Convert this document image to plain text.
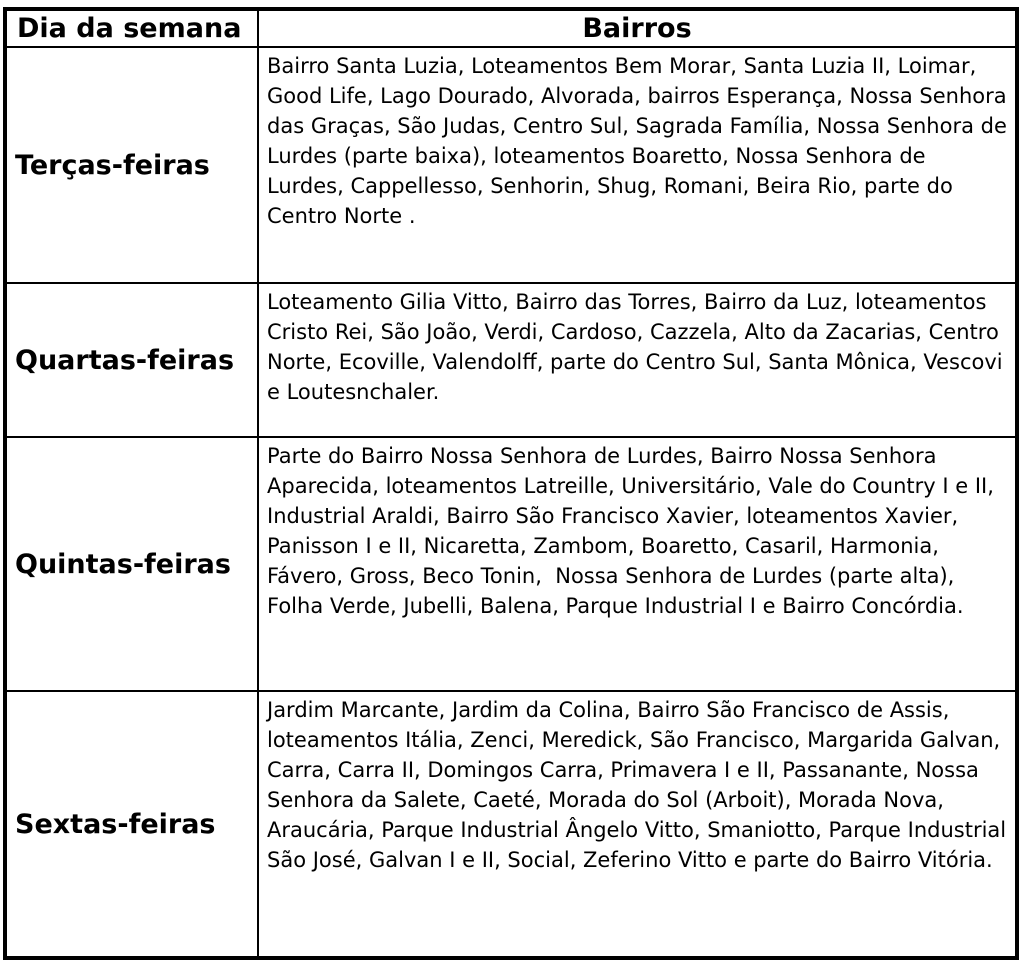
Dia da semana	Bairros
Terças-feiras	Bairro Santa Luzia, Loteamentos Bem Morar, Santa Luzia II, Loimar,  Good Life, Lago Dourado, Alvorada, bairros Esperança, Nossa Senhora das Graças, São Judas, Centro Sul, Sagrada Família, Nossa Senhora de Lurdes (parte baixa), loteamentos Boaretto, Nossa Senhora de Lurdes, Cappellesso, Senhorin, Shug, Romani, Beira Rio, parte do Centro Norte .
Quartas-feiras	Loteamento Gilia Vitto, Bairro das Torres, Bairro da Luz, loteamentos Cristo Rei, São João, Verdi, Cardoso, Cazzela, Alto da Zacarias, Centro Norte, Ecoville, Valendolff, parte do Centro Sul, Santa Mônica, Vescovi e Loutesnchaler.
Quintas-feiras	Parte do Bairro Nossa Senhora de Lurdes, Bairro Nossa Senhora Aparecida, loteamentos Latreille, Universitário, Vale do Country I e II, Industrial Araldi, Bairro São Francisco Xavier, loteamentos Xavier, Panisson I e II, Nicaretta, Zambom, Boaretto, Casaril, Harmonia, Fávero, Gross, Beco Tonin,  Nossa Senhora de Lurdes (parte alta), Folha Verde, Jubelli, Balena, Parque Industrial I e Bairro Concórdia.
Sextas-feiras	Jardim Marcante, Jardim da Colina, Bairro São Francisco de Assis, loteamentos Itália, Zenci, Meredick, São Francisco, Margarida Galvan, Carra, Carra II, Domingos Carra, Primavera I e II, Passanante, Nossa Senhora da Salete, Caeté, Morada do Sol (Arboit), Morada Nova, Araucária, Parque Industrial Ângelo Vitto, Smaniotto, Parque Industrial São José, Galvan I e II, Social, Zeferino Vitto e parte do Bairro Vitória.
